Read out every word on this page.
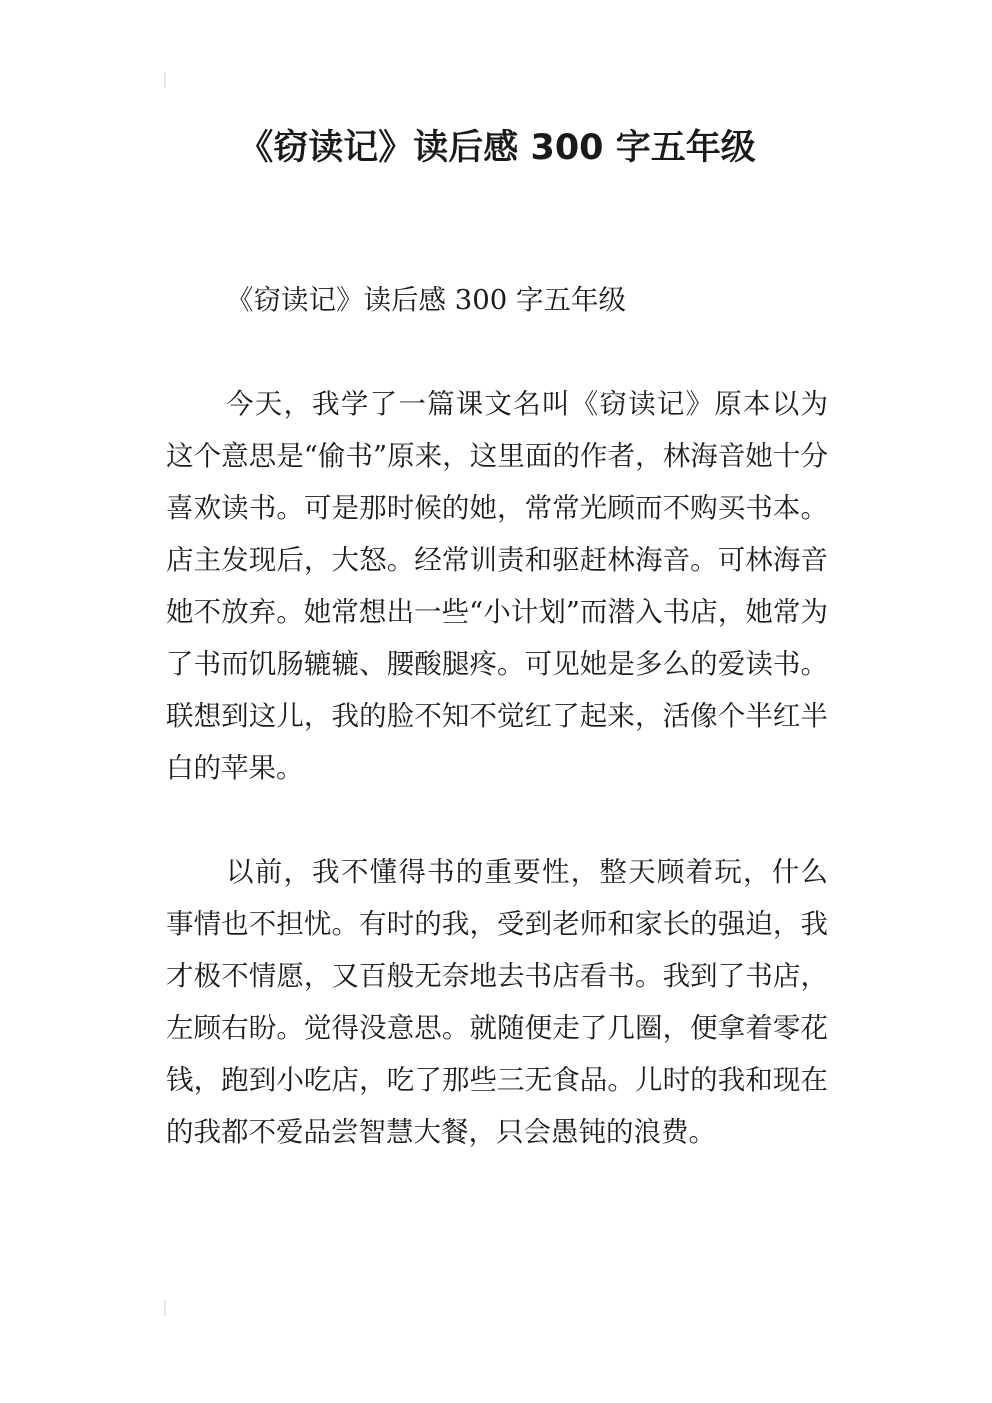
《窃读记》读后感 300 字五年级

《窃读记》读后感 300 字五年级

今天，我学了一篇课文名叫《窃读记》原本以为这个意思是“偷书”原来，这里面的作者，林海音她十分喜欢读书。可是那时候的她，常常光顾而不购买书本。店主发现后，大怒。经常训责和驱赶林海音。可林海音她不放弃。她常想出一些“小计划”而潜入书店，她常为了书而饥肠辘辘、腰酸腿疼。可见她是多么的爱读书。联想到这儿，我的脸不知不觉红了起来，活像个半红半白的苹果。

以前，我不懂得书的重要性，整天顾着玩，什么事情也不担忧。有时的我，受到老师和家长的强迫，我才极不情愿，又百般无奈地去书店看书。我到了书店，左顾右盼。觉得没意思。就随便走了几圈，便拿着零花钱，跑到小吃店，吃了那些三无食品。儿时的我和现在的我都不爱品尝智慧大餐，只会愚钝的浪费。
